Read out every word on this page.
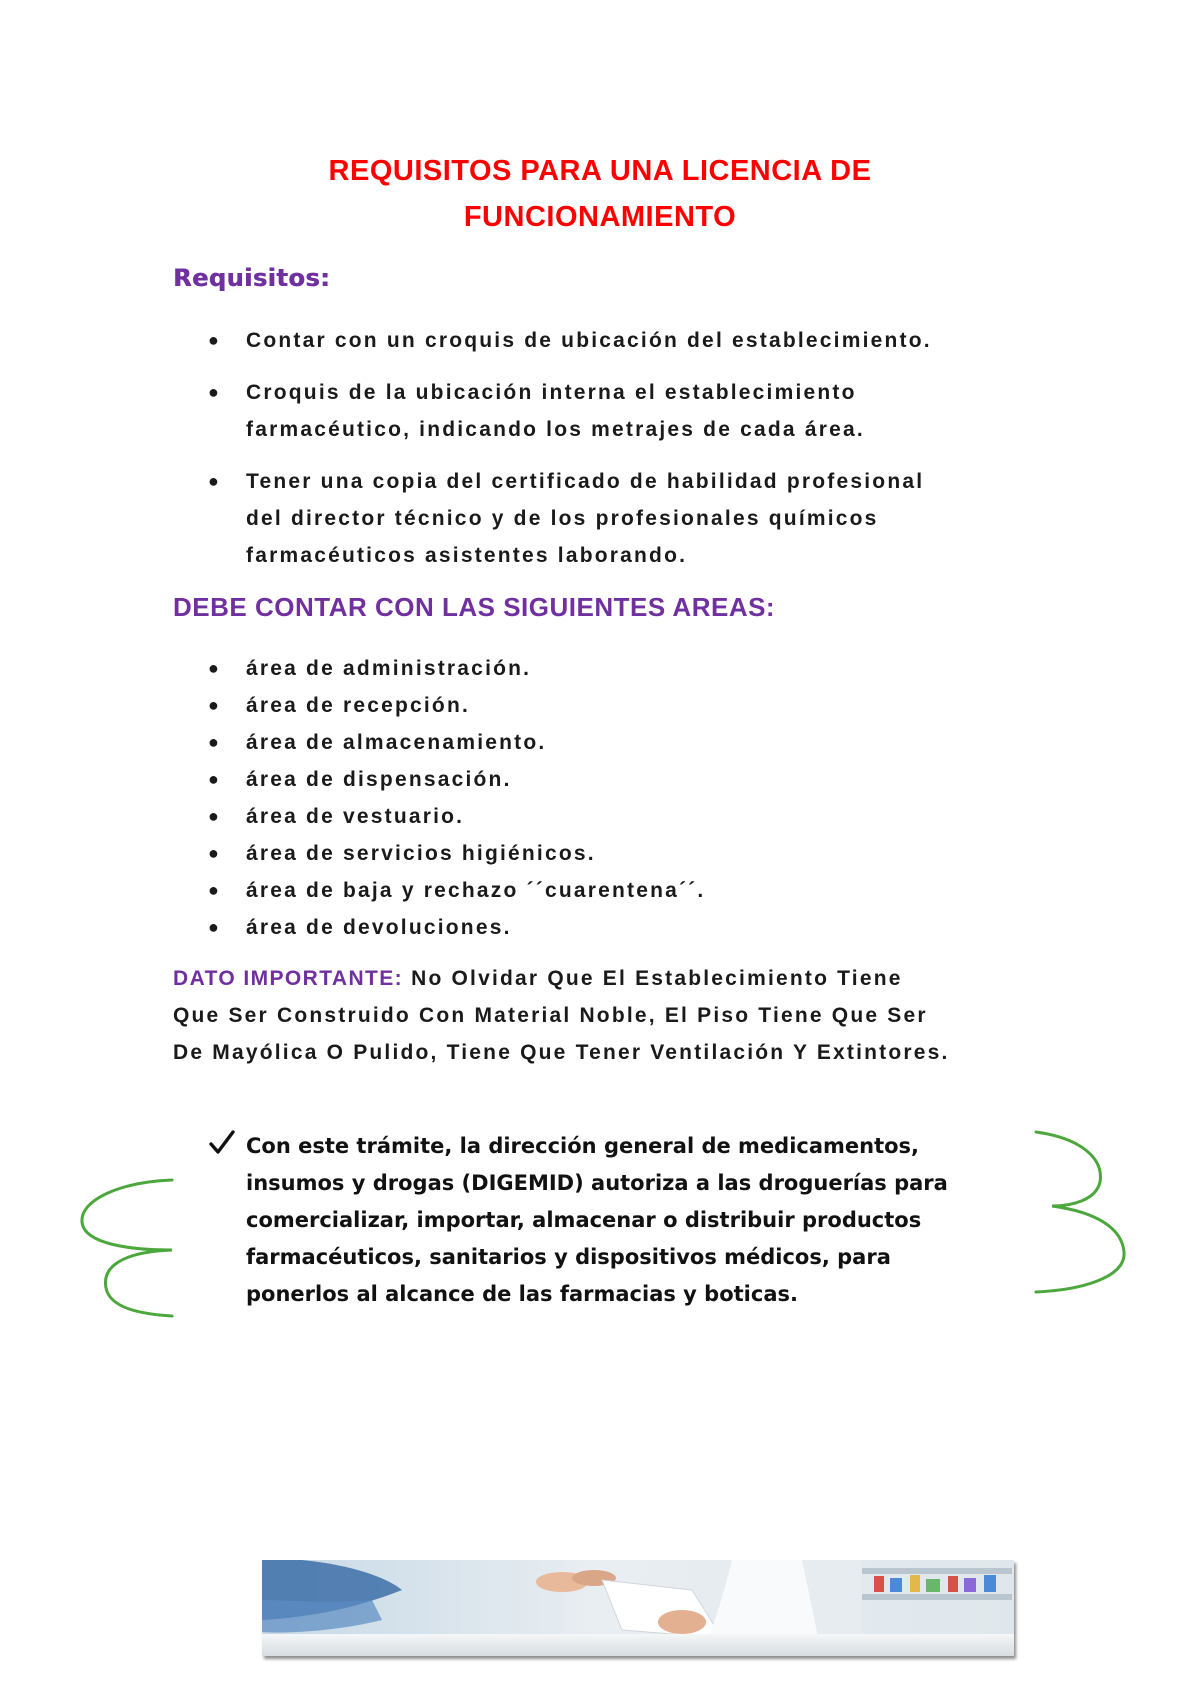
REQUISITOS PARA UNA LICENCIA DE
FUNCIONAMIENTO
Requisitos:
● Contar con un croquis de ubicación del establecimiento.
● Croquis de la ubicación interna el establecimiento
farmacéutico, indicando los metrajes de cada área.
● Tener una copia del certificado de habilidad profesional
del director técnico y de los profesionales químicos
farmacéuticos asistentes laborando.
DEBE CONTAR CON LAS SIGUIENTES AREAS:
● área de administración.
● área de recepción.
● área de almacenamiento.
● área de dispensación.
● área de vestuario.
● área de servicios higiénicos.
● área de baja y rechazo ´´cuarentena´´.
● área de devoluciones.
DATO IMPORTANTE: No Olvidar Que El Establecimiento Tiene
Que Ser Construido Con Material Noble, El Piso Tiene Que Ser
De Mayólica O Pulido, Tiene Que Tener Ventilación Y Extintores.
Con este trámite, la dirección general de medicamentos,
insumos y drogas (DIGEMID) autoriza a las droguerías para
comercializar, importar, almacenar o distribuir productos
farmacéuticos, sanitarios y dispositivos médicos, para
ponerlos al alcance de las farmacias y boticas.
